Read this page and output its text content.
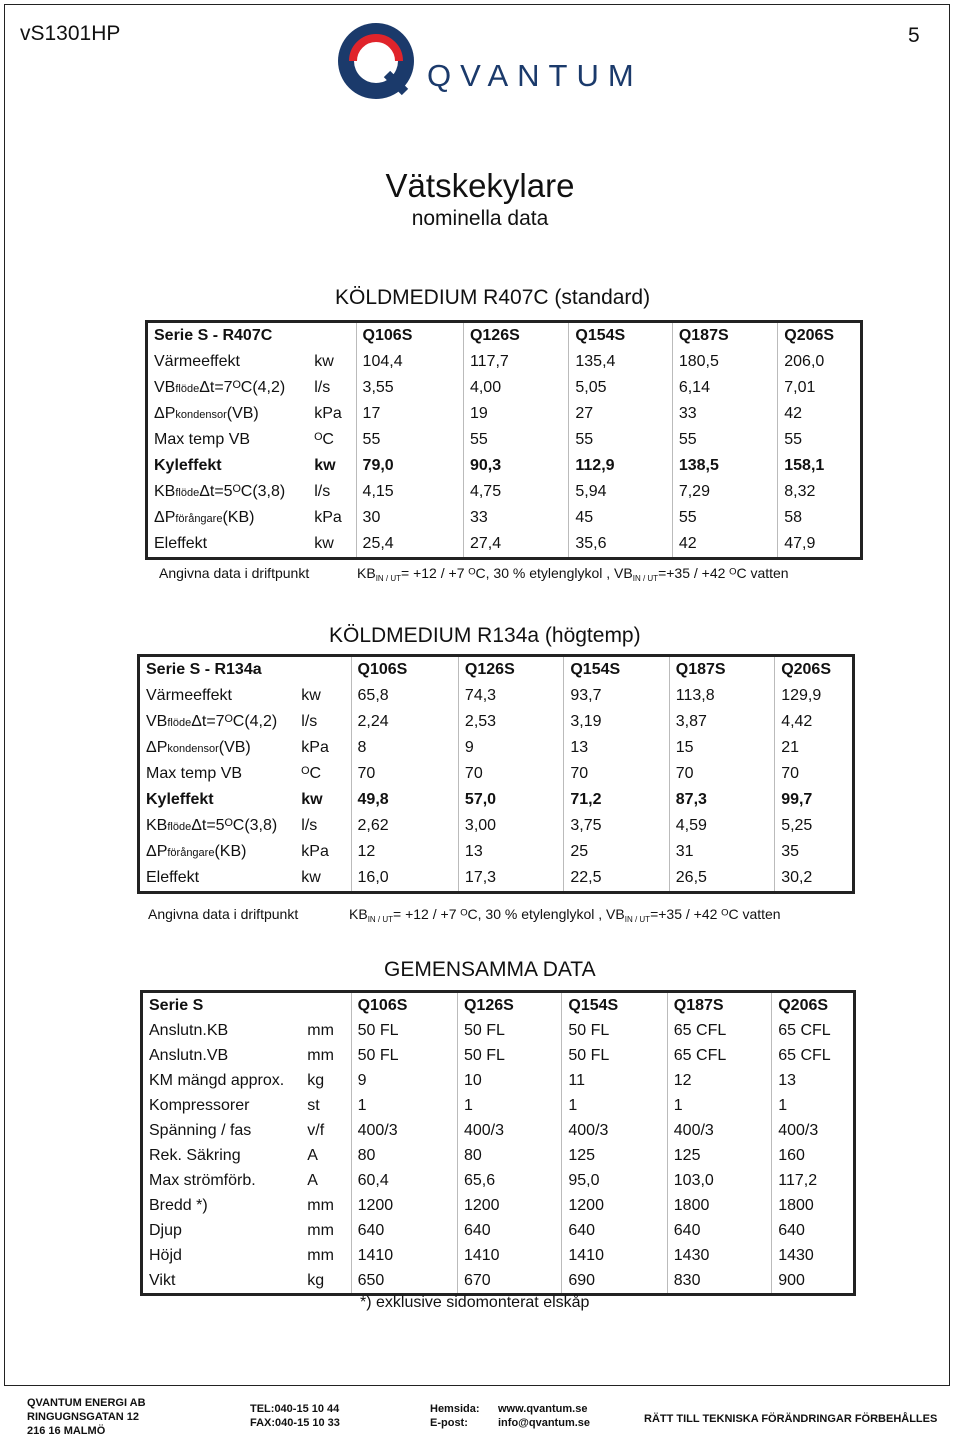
vS1301HP	5
QVANTUM
Vätskekylare
nominella data
KÖLDMEDIUM R407C (standard)
Serie S - R407C		Q106S	Q126S	Q154S	Q187S	Q206S
Värmeeffekt	kw	104,4	117,7	135,4	180,5	206,0
VBflödeΔt=7ᴼC(4,2)	l/s	3,55	4,00	5,05	6,14	7,01
ΔPkondensor(VB)	kPa	17	19	27	33	42
Max temp VB	ᴼC	55	55	55	55	55
Kyleffekt	kw	79,0	90,3	112,9	138,5	158,1
KBflödeΔt=5ᴼC(3,8)	l/s	4,15	4,75	5,94	7,29	8,32
ΔPförångare(KB)	kPa	30	33	45	55	58
Eleffekt	kw	25,4	27,4	35,6	42	47,9
Angivna data i driftpunkt	$KB_{IN / UT}= +12 / +7$ ᴼC, 30 % etylenglykol , $VB_{IN / UT}=+35 / +42$ ᴼC vatten
KÖLDMEDIUM R134a (högtemp)
Serie S - R134a		Q106S	Q126S	Q154S	Q187S	Q206S
Värmeeffekt	kw	65,8	74,3	93,7	113,8	129,9
VBflödeΔt=7ᴼC(4,2)	l/s	2,24	2,53	3,19	3,87	4,42
ΔPkondensor(VB)	kPa	8	9	13	15	21
Max temp VB	ᴼC	70	70	70	70	70
Kyleffekt	kw	49,8	57,0	71,2	87,3	99,7
KBflödeΔt=5ᴼC(3,8)	l/s	2,62	3,00	3,75	4,59	5,25
ΔPförångare(KB)	kPa	12	13	25	31	35
Eleffekt	kw	16,0	17,3	22,5	26,5	30,2
Angivna data i driftpunkt	$KB_{IN / UT}= +12 / +7$ ᴼC, 30 % etylenglykol , $VB_{IN / UT}=+35 / +42$ ᴼC vatten
GEMENSAMMA DATA
Serie S		Q106S	Q126S	Q154S	Q187S	Q206S
Anslutn.KB	mm	50 FL	50 FL	50 FL	65 CFL	65 CFL
Anslutn.VB	mm	50 FL	50 FL	50 FL	65 CFL	65 CFL
KM mängd approx.	kg	9	10	11	12	13
Kompressorer	st	1	1	1	1	1
Spänning / fas	v/f	400/3	400/3	400/3	400/3	400/3
Rek. Säkring	A	80	80	125	125	160
Max strömförb.	A	60,4	65,6	95,0	103,0	117,2
Bredd *)	mm	1200	1200	1200	1800	1800
Djup	mm	640	640	640	640	640
Höjd	mm	1410	1410	1410	1430	1430
Vikt	kg	650	670	690	830	900
*) exklusive sidomonterat elskåp
QVANTUM ENERGI AB
RINGUGNSGATAN 12
216 16 MALMÖ
TEL:040-15 10 44
FAX:040-15 10 33
Hemsida:
E-post:
www.qvantum.se
info@qvantum.se	RÄTT TILL TEKNISKA FÖRÄNDRINGAR FÖRBEHÅLLES
